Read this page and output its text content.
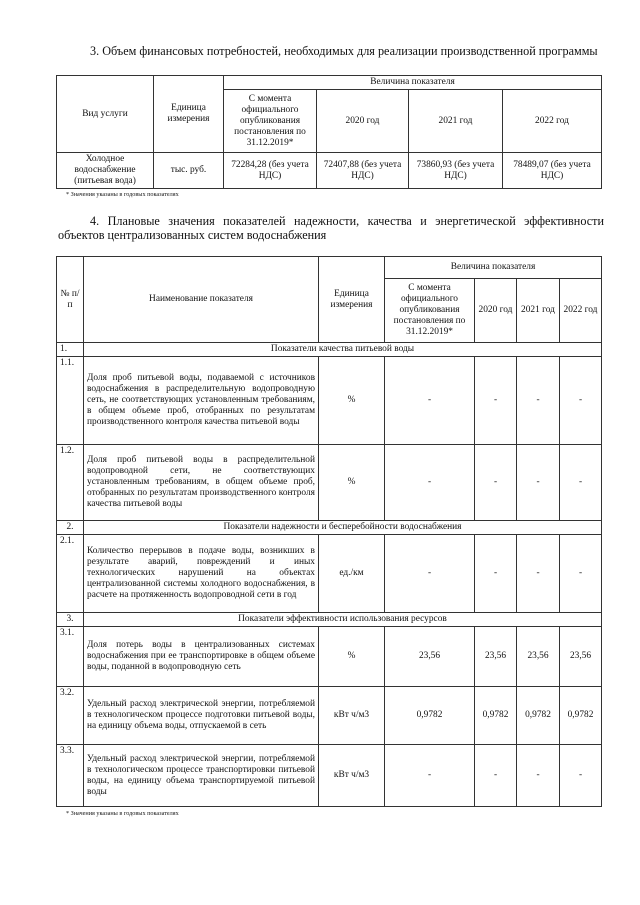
3. Объем финансовых потребностей, необходимых для реализации производственной программы
Вид услуги	Единица измерения	Величина показателя			
		С момента официального опубликования постановления по 31.12.2019*	2020 год	2021 год	2022 год
Холодное водоснабжение (питьевая вода)	тыс. руб.	72284,28 (без учета НДС)	72407,88 (без учета НДС)	73860,93 (без учета НДС)	78489,07 (без учета НДС)
* Значения указаны в годовых показателях
4. Плановые значения показателей надежности, качества и энергетической эффективности объектов централизованных систем водоснабжения
№ п/п	Наименование показателя	Единица измерения	Величина показателя			
			С момента официального опубликования постановления по 31.12.2019*	2020 год	2021 год	2022 год
1.	Показатели качества питьевой воды					
1.1.	Доля проб питьевой воды, подаваемой с источников водоснабжения в распределительную водопроводную сеть, не соответствующих установленным требованиям, в общем объеме проб, отобранных по результатам производственного контроля качества питьевой воды	%	-	-	-	-
1.2.	Доля проб питьевой воды в распределительной водопроводной сети, не соответствующих установленным требованиям, в общем объеме проб, отобранных по результатам производственного контроля качества питьевой воды	%	-	-	-	-
2.	Показатели надежности и бесперебойности водоснабжения					
2.1.	Количество перерывов в подаче воды, возникших в результате аварий, повреждений и иных технологических нарушений на объектах централизованной системы холодного водоснабжения, в расчете на протяженность водопроводной сети в год	ед./км	-	-	-	-
3.	Показатели эффективности использования ресурсов					
3.1.	Доля потерь воды в централизованных системах водоснабжения при ее транспортировке в общем объеме воды, поданной в водопроводную сеть	%	23,56	23,56	23,56	23,56
3.2.	Удельный расход электрической энергии, потребляемой в технологическом процессе подготовки питьевой воды, на единицу объема воды, отпускаемой в сеть	кВт ч/м3	0,9782	0,9782	0,9782	0,9782
3.3.	Удельный расход электрической энергии, потребляемой в технологическом процессе транспортировки питьевой воды, на единицу объема транспортируемой питьевой воды	кВт ч/м3	-	-	-	-
* Значения указаны в годовых показателях
